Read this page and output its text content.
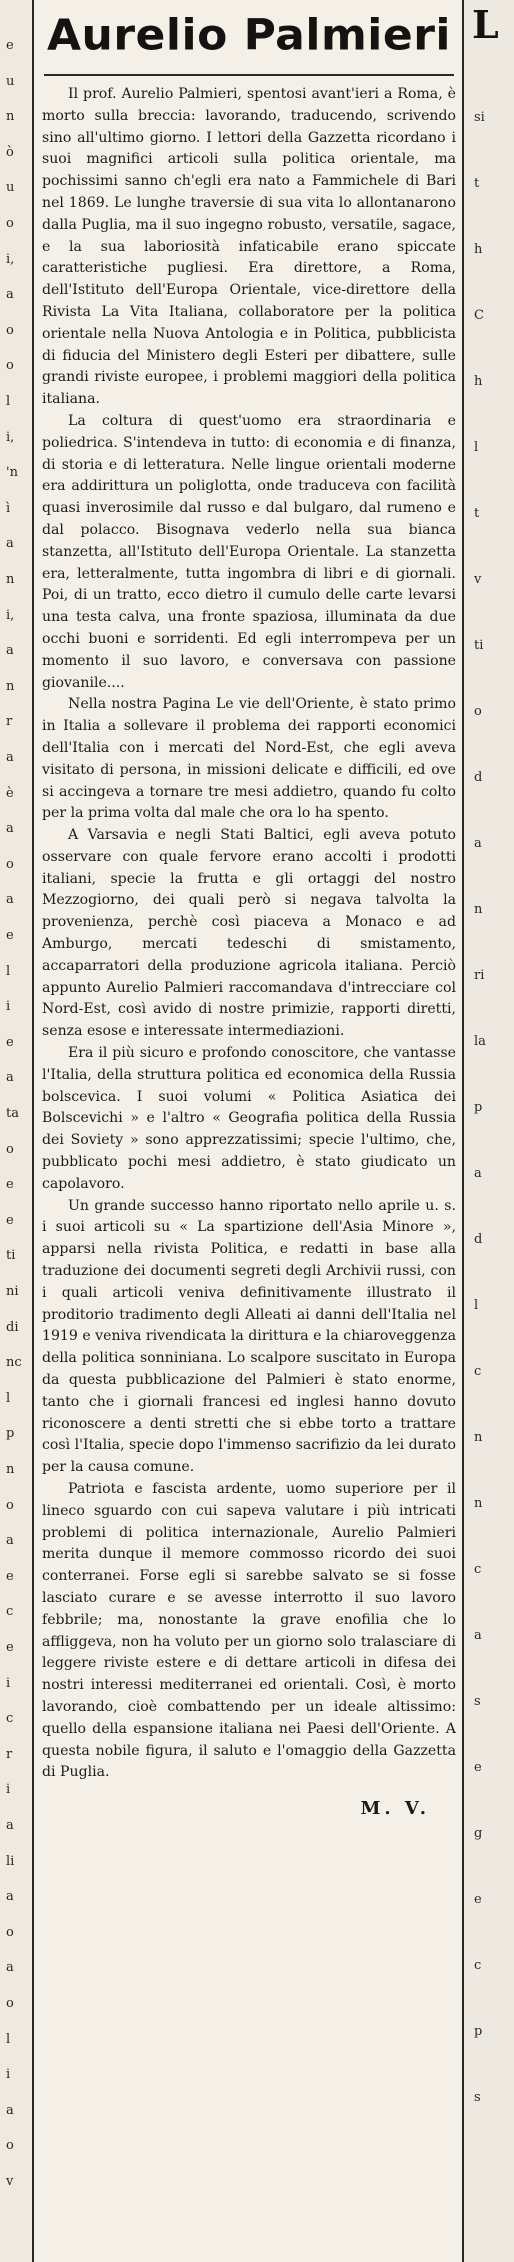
e
u
n
ò
u
o
i,
a
o
o
l
i,
'n
ì
a
n
i,
a
n
r
a
è
a
o
a
e
l
i
e
a
ta
o
e
e
ti
ni
di
nc
l
p
n
o
a
e
c
e
i
c
r
i
a
li
a
o
a
o
l
i
a
o
v
Aurelio Palmieri

Il prof. Aurelio Palmieri, spentosi avant'ieri a Roma, è morto sulla breccia: lavorando, traducendo, scrivendo sino all'ultimo giorno. I lettori della Gazzetta ricordano i suoi magnifici articoli sulla politica orientale, ma pochissimi sanno ch'egli era nato a Fammichele di Bari nel 1869. Le lunghe traversie di sua vita lo allontanarono dalla Puglia, ma il suo ingegno robusto, versatile, sagace, e la sua laboriosità infaticabile erano spiccate caratteristiche pugliesi. Era direttore, a Roma, dell'Istituto dell'Europa Orientale, vice-direttore della Rivista La Vita Italiana, collaboratore per la politica orientale nella Nuova Antologia e in Politica, pubblicista di fiducia del Ministero degli Esteri per dibattere, sulle grandi riviste europee, i problemi maggiori della politica italiana.

La coltura di quest'uomo era straordinaria e poliedrica. S'intendeva in tutto: di economia e di finanza, di storia e di letteratura. Nelle lingue orientali moderne era addirittura un poliglotta, onde traduceva con facilità quasi inverosimile dal russo e dal bulgaro, dal rumeno e dal polacco. Bisognava vederlo nella sua bianca stanzetta, all'Istituto dell'Europa Orientale. La stanzetta era, letteralmente, tutta ingombra di libri e di giornali. Poi, di un tratto, ecco dietro il cumulo delle carte levarsi una testa calva, una fronte spaziosa, illuminata da due occhi buoni e sorridenti. Ed egli interrompeva per un momento il suo lavoro, e conversava con passione giovanile....

Nella nostra Pagina Le vie dell'Oriente, è stato primo in Italia a sollevare il problema dei rapporti economici dell'Italia con i mercati del Nord-Est, che egli aveva visitato di persona, in missioni delicate e difficili, ed ove si accingeva a tornare tre mesi addietro, quando fu colto per la prima volta dal male che ora lo ha spento.

A Varsavia e negli Stati Baltici, egli aveva potuto osservare con quale fervore erano accolti i prodotti italiani, specie la frutta e gli ortaggi del nostro Mezzogiorno, dei quali però si negava talvolta la provenienza, perchè così piaceva a Monaco e ad Amburgo, mercati tedeschi di smistamento, accaparratori della produzione agricola italiana. Perciò appunto Aurelio Palmieri raccomandava d'intrecciare col Nord-Est, così avido di nostre primizie, rapporti diretti, senza esose e interessate intermediazioni.

Era il più sicuro e profondo conoscitore, che vantasse l'Italia, della struttura politica ed economica della Russia bolscevica. I suoi volumi « Politica Asiatica dei Bolscevichi » e l'altro « Geografia politica della Russia dei Soviety » sono apprezzatissimi; specie l'ultimo, che, pubblicato pochi mesi addietro, è stato giudicato un capolavoro.

Un grande successo hanno riportato nello aprile u. s. i suoi articoli su « La spartizione dell'Asia Minore », apparsi nella rivista Politica, e redatti in base alla traduzione dei documenti segreti degli Archivii russi, con i quali articoli veniva definitivamente illustrato il proditorio tradimento degli Alleati ai danni dell'Italia nel 1919 e veniva rivendicata la dirittura e la chiaroveggenza della politica sonniniana. Lo scalpore suscitato in Europa da questa pubblicazione del Palmieri è stato enorme, tanto che i giornali francesi ed inglesi hanno dovuto riconoscere a denti stretti che si ebbe torto a trattare così l'Italia, specie dopo l'immenso sacrifizio da lei durato per la causa comune.

Patriota e fascista ardente, uomo superiore per il lineco sguardo con cui sapeva valutare i più intricati problemi di politica internazionale, Aurelio Palmieri merita dunque il memore commosso ricordo dei suoi conterranei. Forse egli si sarebbe salvato se si fosse lasciato curare e se avesse interrotto il suo lavoro febbrile; ma, nonostante la grave enofilia che lo affliggeva, non ha voluto per un giorno solo tralasciare di leggere riviste estere e di dettare articoli in difesa dei nostri interessi mediterranei ed orientali. Così, è morto lavorando, cioè combattendo per un ideale altissimo: quello della espansione italiana nei Paesi dell'Oriente. A questa nobile figura, il saluto e l'omaggio della Gazzetta di Puglia.

M. V.
L
si
t
h
C
h
l
t
v
ti
o
d
a
n
ri
la
p
a
d
l
c
n
n
c
a
s
e
g
e
c
p
s
